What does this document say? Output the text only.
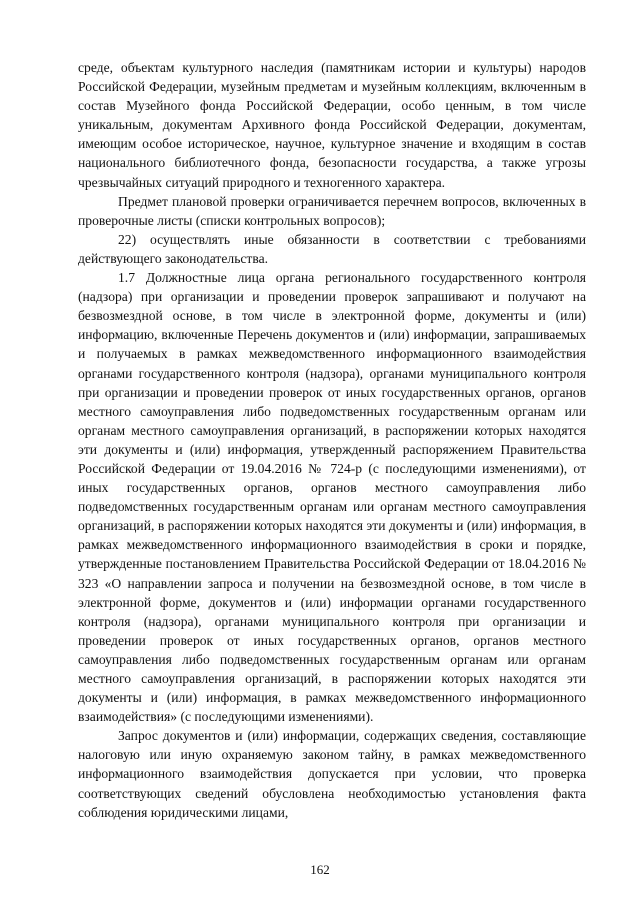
среде, объектам культурного наследия (памятникам истории и культуры) народов Российской Федерации, музейным предметам и музейным коллекциям, включенным в состав Музейного фонда Российской Федерации, особо ценным, в том числе уникальным, документам Архивного фонда Российской Федерации, документам, имеющим особое историческое, научное, культурное значение и входящим в состав национального библиотечного фонда, безопасности государства, а также угрозы чрезвычайных ситуаций природного и техногенного характера.

Предмет плановой проверки ограничивается перечнем вопросов, включенных в проверочные листы (списки контрольных вопросов);

22) осуществлять иные обязанности в соответствии с требованиями действующего законодательства.

1.7 Должностные лица органа регионального государственного контроля (надзора) при организации и проведении проверок запрашивают и получают на безвозмездной основе, в том числе в электронной форме, документы и (или) информацию, включенные Перечень документов и (или) информации, запрашиваемых и получаемых в рамках межведомственного информационного взаимодействия органами государственного контроля (надзора), органами муниципального контроля при организации и проведении проверок от иных государственных органов, органов местного самоуправления либо подведомственных государственным органам или органам местного самоуправления организаций, в распоряжении которых находятся эти документы и (или) информация, утвержденный распоряжением Правительства Российской Федерации от 19.04.2016 № 724-р (с последующими изменениями), от иных государственных органов, органов местного самоуправления либо подведомственных государственным органам или органам местного самоуправления организаций, в распоряжении которых находятся эти документы и (или) информация, в рамках межведомственного информационного взаимодействия в сроки и порядке, утвержденные постановлением Правительства Российской Федерации от 18.04.2016 № 323 «О направлении запроса и получении на безвозмездной основе, в том числе в электронной форме, документов и (или) информации органами государственного контроля (надзора), органами муниципального контроля при организации и проведении проверок от иных государственных органов, органов местного самоуправления либо подведомственных государственным органам или органам местного самоуправления организаций, в распоряжении которых находятся эти документы и (или) информация, в рамках межведомственного информационного взаимодействия» (с последующими изменениями).

Запрос документов и (или) информации, содержащих сведения, составляющие налоговую или иную охраняемую законом тайну, в рамках межведомственного информационного взаимодействия допускается при условии, что проверка соответствующих сведений обусловлена необходимостью установления факта соблюдения юридическими лицами,

162
